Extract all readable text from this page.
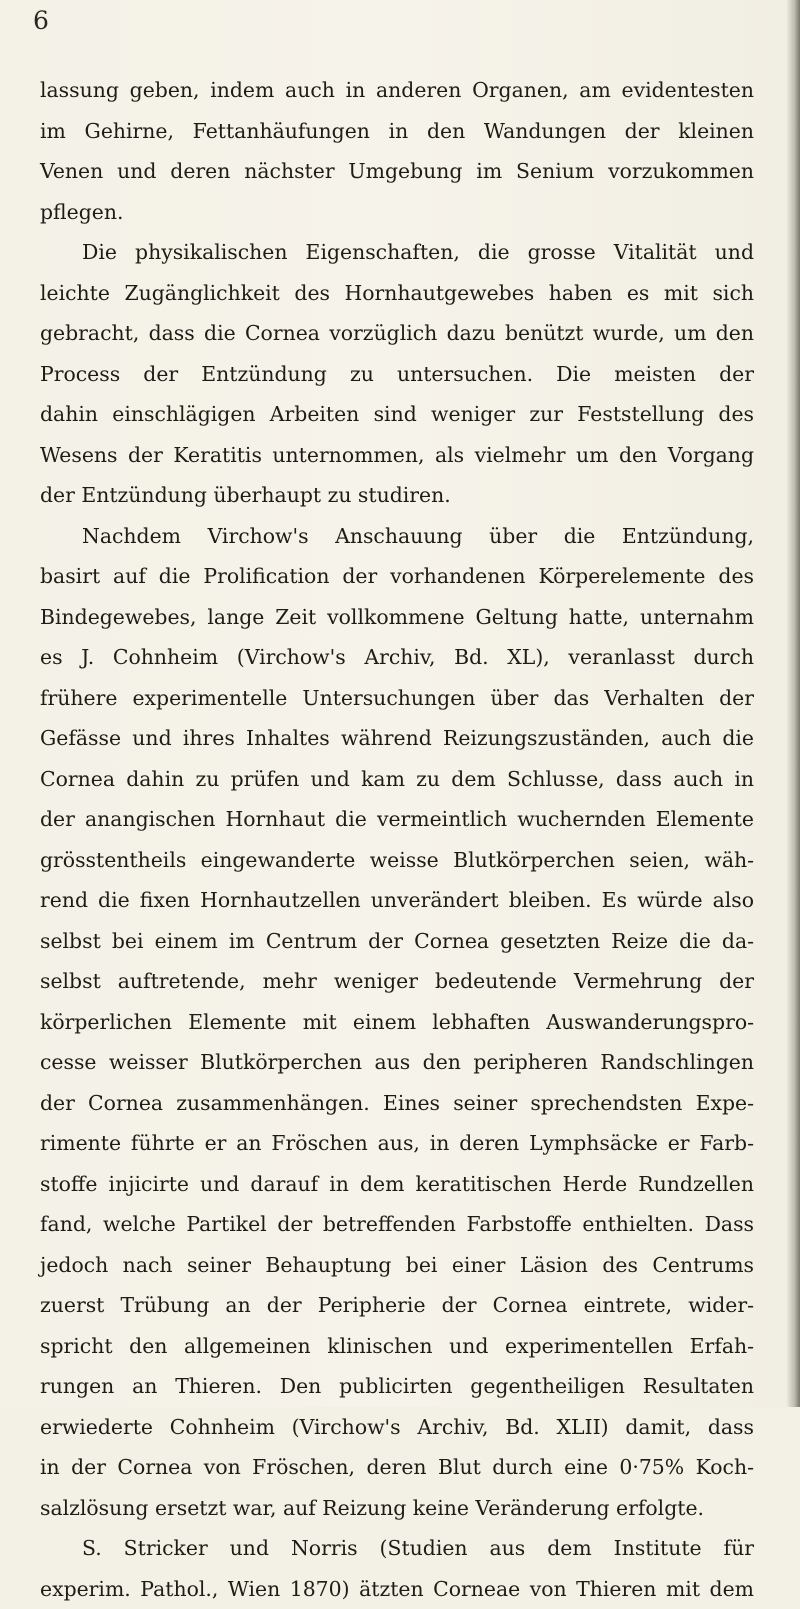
6
lassung geben, indem auch in anderen Organen, am evidentesten
im Gehirne, Fettanhäufungen in den Wandungen der kleinen
Venen und deren nächster Umgebung im Senium vorzukommen
pflegen.
Die physikalischen Eigenschaften, die grosse Vitalität und
leichte Zugänglichkeit des Hornhautgewebes haben es mit sich
gebracht, dass die Cornea vorzüglich dazu benützt wurde, um den
Process der Entzündung zu untersuchen. Die meisten der
dahin einschlägigen Arbeiten sind weniger zur Feststellung des
Wesens der Keratitis unternommen, als vielmehr um den Vorgang
der Entzündung überhaupt zu studiren.
Nachdem Virchow's Anschauung über die Entzündung,
basirt auf die Prolification der vorhandenen Körperelemente des
Bindegewebes, lange Zeit vollkommene Geltung hatte, unternahm
es J. Cohnheim (Virchow's Archiv, Bd. XL), veranlasst durch
frühere experimentelle Untersuchungen über das Verhalten der
Gefässe und ihres Inhaltes während Reizungszuständen, auch die
Cornea dahin zu prüfen und kam zu dem Schlusse, dass auch in
der anangischen Hornhaut die vermeintlich wuchernden Elemente
grösstentheils eingewanderte weisse Blutkörperchen seien, wäh-
rend die fixen Hornhautzellen unverändert bleiben. Es würde also
selbst bei einem im Centrum der Cornea gesetzten Reize die da-
selbst auftretende, mehr weniger bedeutende Vermehrung der
körperlichen Elemente mit einem lebhaften Auswanderungspro-
cesse weisser Blutkörperchen aus den peripheren Randschlingen
der Cornea zusammenhängen. Eines seiner sprechendsten Expe-
rimente führte er an Fröschen aus, in deren Lymphsäcke er Farb-
stoffe injicirte und darauf in dem keratitischen Herde Rundzellen
fand, welche Partikel der betreffenden Farbstoffe enthielten. Dass
jedoch nach seiner Behauptung bei einer Läsion des Centrums
zuerst Trübung an der Peripherie der Cornea eintrete, wider-
spricht den allgemeinen klinischen und experimentellen Erfah-
rungen an Thieren. Den publicirten gegentheiligen Resultaten
erwiederte Cohnheim (Virchow's Archiv, Bd. XLII) damit, dass
in der Cornea von Fröschen, deren Blut durch eine 0·75% Koch-
salzlösung ersetzt war, auf Reizung keine Veränderung erfolgte.
S. Stricker und Norris (Studien aus dem Institute für
experim. Pathol., Wien 1870) ätzten Corneae von Thieren mit dem
